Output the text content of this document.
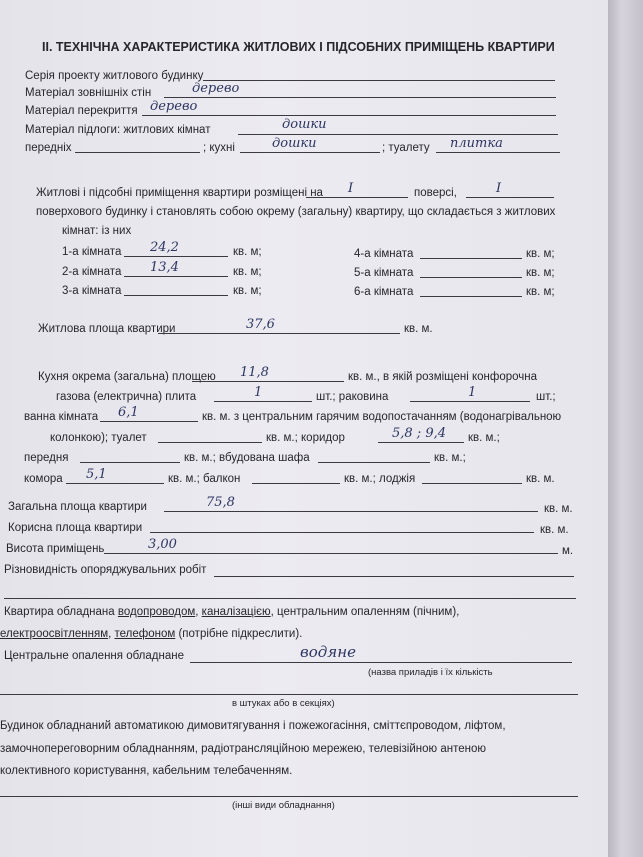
ІІ. ТЕХНІЧНА ХАРАКТЕРИСТИКА ЖИТЛОВИХ І ПІДСОБНИХ ПРИМІЩЕНЬ КВАРТИРИ
Серія проекту житлового будинку
Матеріал зовнішніх стін	дерево
Матеріал перекриття дерево
Матеріал підлоги: житлових кімнат	дошки
передніх	; кухні	дошки	; туалету плитка
Житлові і підсобні приміщення квартири розміщені на І	поверсі,	І
поверхового будинку і становлять собою окрему (загальну) квартиру, що складається з житлових
кімнат: із них
1-а кімната 24,2	кв. м;
2-а кімната 13,4	кв. м;
3-а кімната	кв. м;
4-а кімната	кв. м;
5-а кімната	кв. м;
6-а кімната	кв. м;
Житлова площа квартири	37,6	кв. м.
Кухня окрема (загальна) площею 11,8	кв. м., в якій розміщені конфорочна
газова (електрична) плита	1	шт.; раковина	1	шт.;
ванна кімната 6,1	кв. м. з центральним гарячим водопостачанням (водонагрівальною
колонкою); туалет	кв. м.; коридор	5,8 ; 9,4 кв. м.;
передня	кв. м.; вбудована шафа	кв. м.;
комора 5,1	кв. м.; балкон	кв. м.; лоджія	кв. м.
Загальна площа квартири	75,8	кв. м.
Корисна площа квартири	кв. м.
Висота приміщень	3,00	м.
Різновидність опоряджувальних робіт
Квартира обладнана водопроводом, каналізацією, центральним опаленням (пічним),
електроосвітленням, телефоном (потрібне підкреслити).
Центральне опалення обладнане	водяне
(назва приладів і їх кількість
в штуках або в секціях)
Будинок обладнаний автоматикою димовитягування і пожежогасіння, сміттєпроводом, ліфтом,
замочнопереговорним обладнанням, радіотрансляційною мережею, телевізійною антеною
колективного користування, кабельним телебаченням.
(інші види обладнання)
